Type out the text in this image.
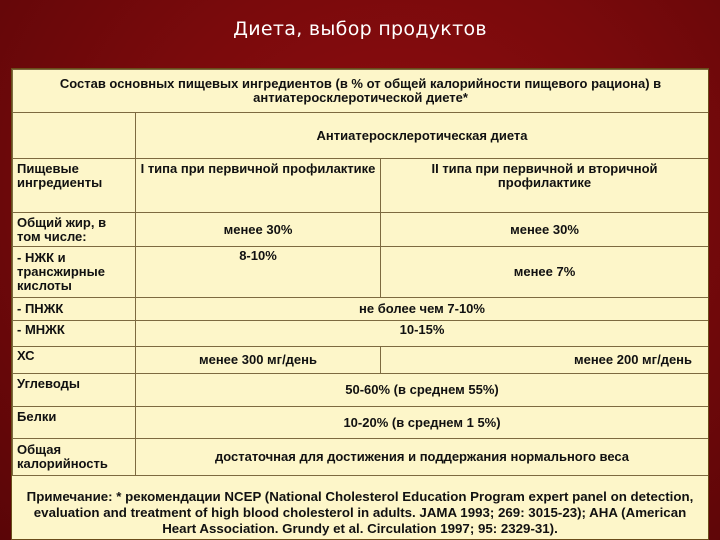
Диета, выбор продуктов
Состав основных пищевых ингредиентов (в % от общей калорийности пищевого рациона) в антиатеросклеротической диете*		
	Антиатеросклеротическая диета	
Пищевые ингредиенты	I типа при первичной профилактике	II типа при первичной и вторичной профилактике
Общий жир, в том числе:	менее 30%	менее 30%
- НЖК и трансжирные кислоты	8-10%	менее 7%
- ПНЖК	не более чем 7-10%	
- МНЖК	10-15%	
ХС	менее 300 мг/день	менее 200 мг/день
Углеводы	50-60% (в среднем 55%)	
Белки	10-20% (в среднем 1 5%)	
Общая калорийность	достаточная для достижения и поддержания нормального веса	
Примечание: * рекомендации NCEP (National Cholesterol Education Program expert panel on detection, evaluation and treatment of high blood cholesterol in adults. JAMA 1993; 269: 3015-23); AHA (American Heart Association. Grundy et al. Circulation 1997; 95: 2329-31).
